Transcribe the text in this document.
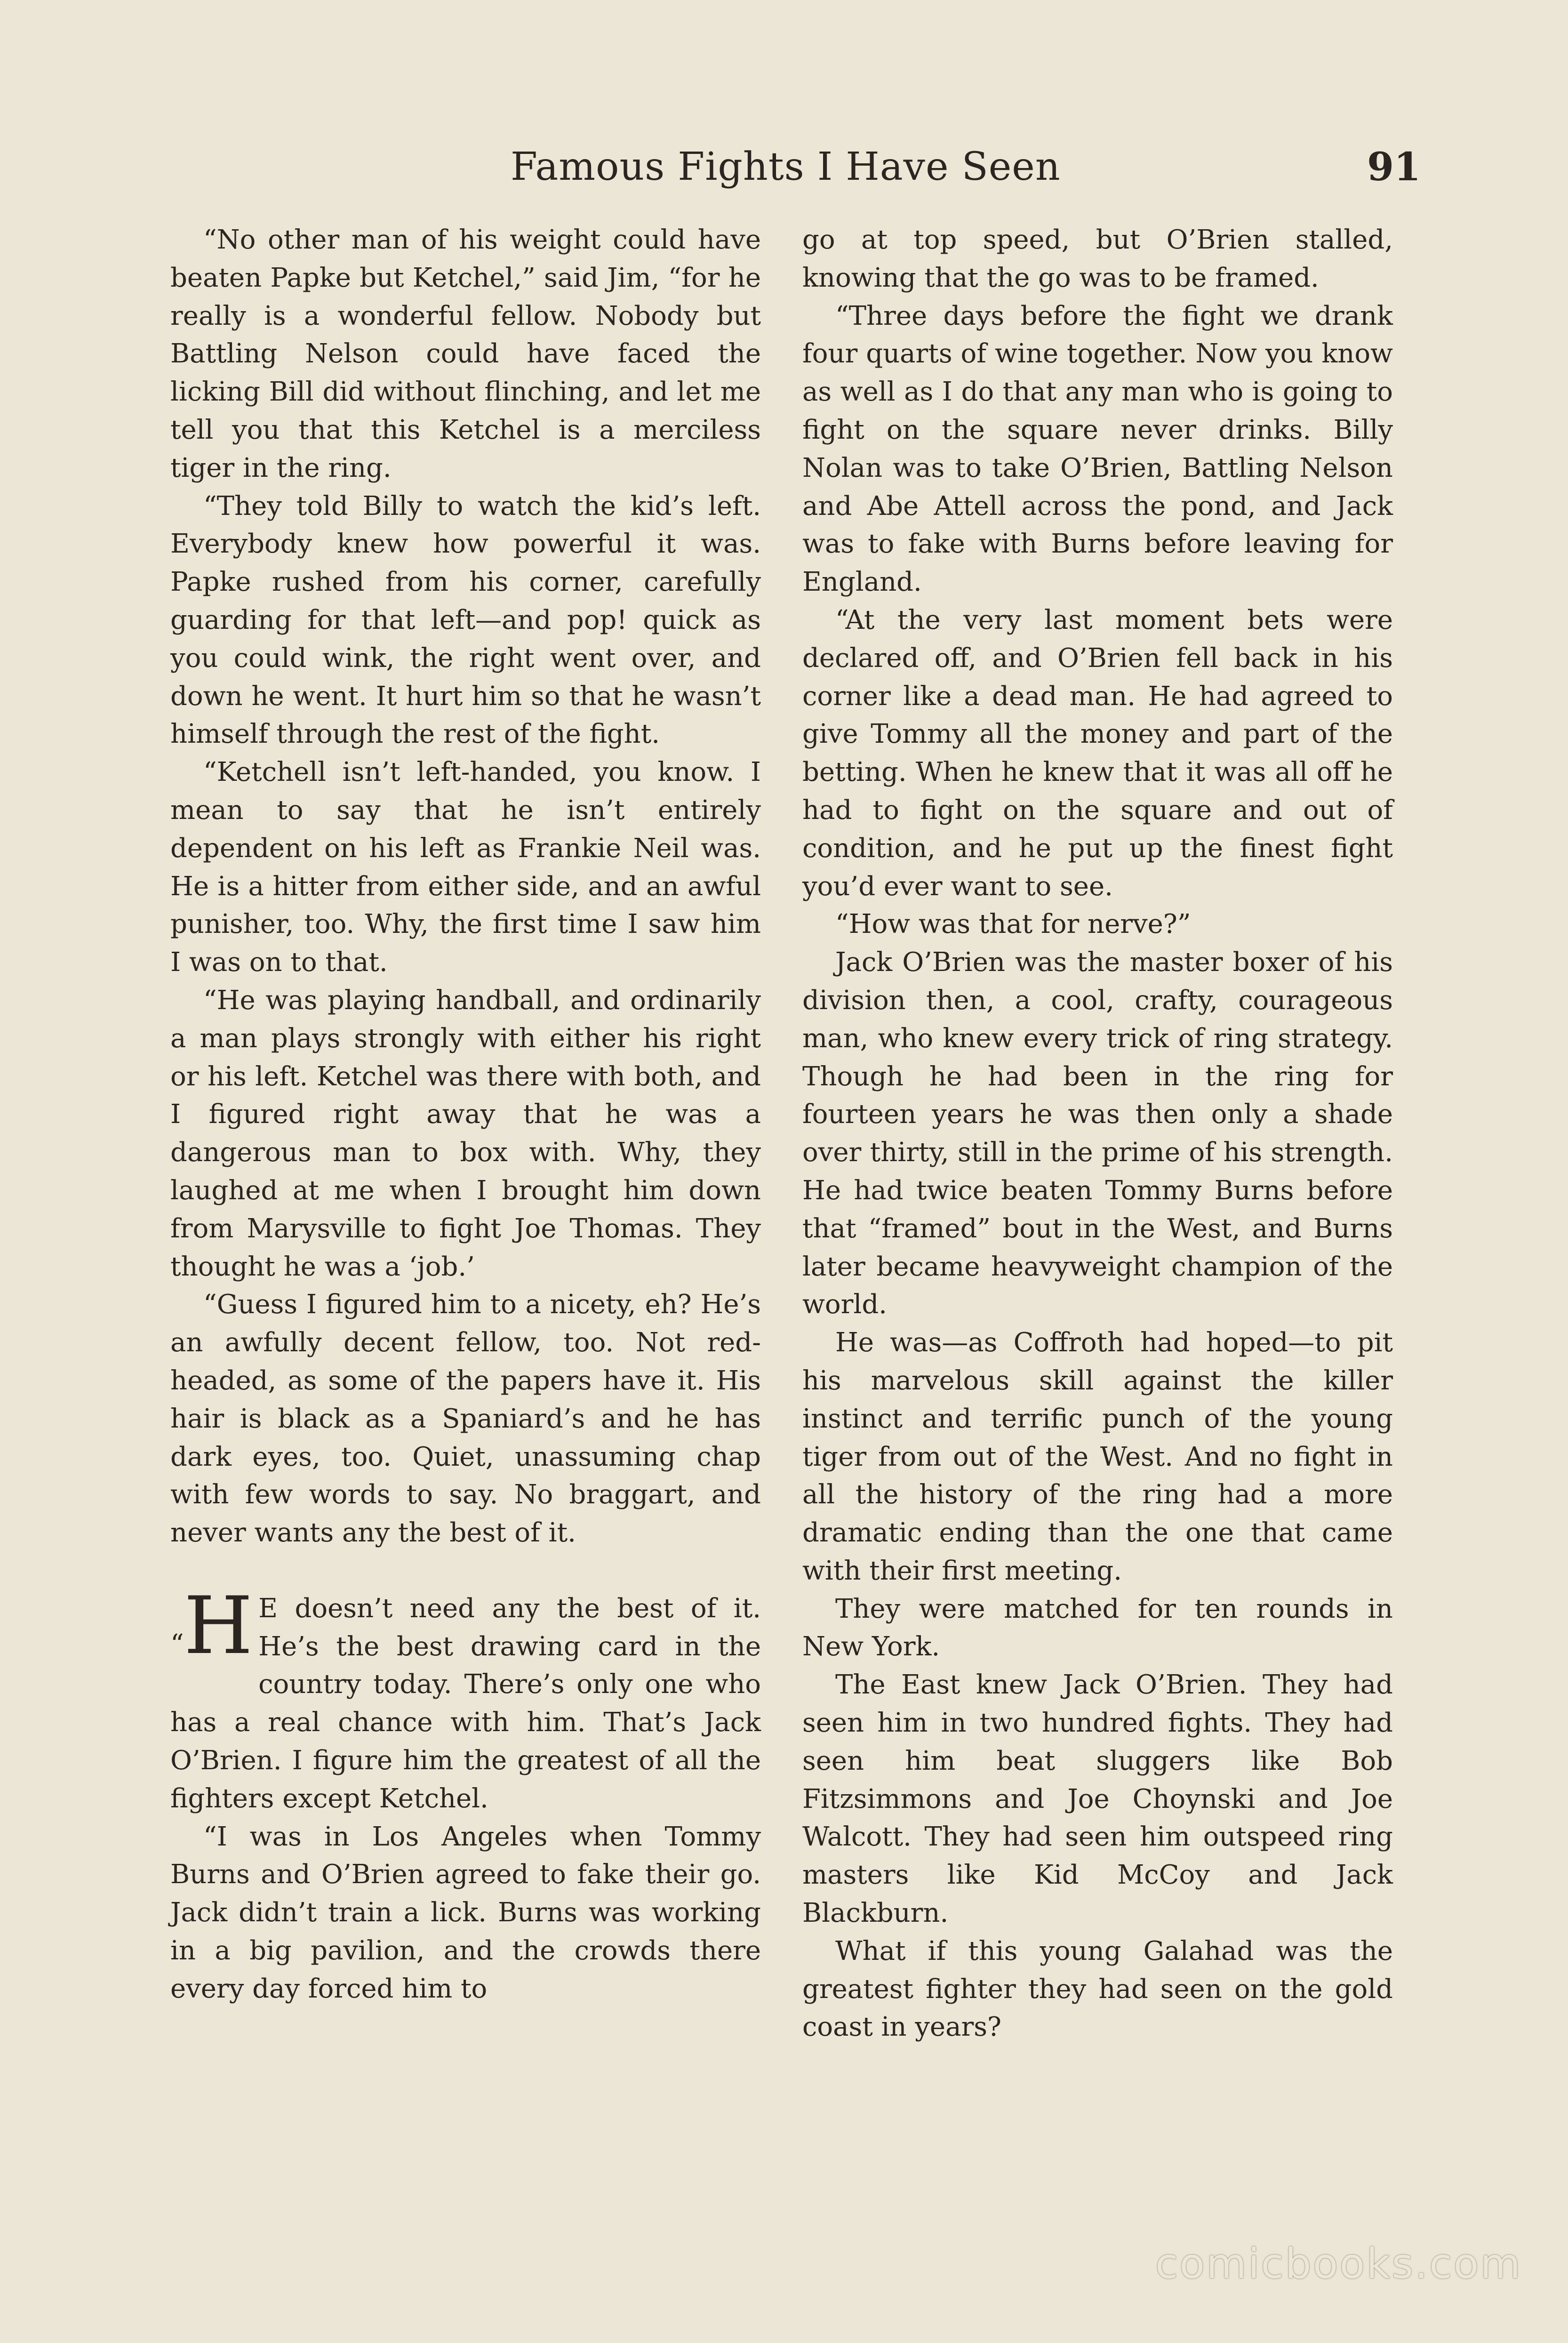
Famous Fights I Have Seen	91

“No other man of his weight could have beaten Papke but Ketchel,” said Jim, “for he really is a wonderful fellow. Nobody but Battling Nelson could have faced the licking Bill did without flinching, and let me tell you that this Ketchel is a merciless tiger in the ring.

“They told Billy to watch the kid’s left. Everybody knew how powerful it was. Papke rushed from his corner, carefully guarding for that left—and pop! quick as you could wink, the right went over, and down he went. It hurt him so that he wasn’t himself through the rest of the fight.

“Ketchell isn’t left-handed, you know. I mean to say that he isn’t entirely dependent on his left as Frankie Neil was. He is a hitter from either side, and an awful punisher, too. Why, the first time I saw him I was on to that.

“He was playing handball, and ordinarily a man plays strongly with either his right or his left. Ketchel was there with both, and I figured right away that he was a dangerous man to box with. Why, they laughed at me when I brought him down from Marysville to fight Joe Thomas. They thought he was a ‘job.’

“Guess I figured him to a nicety, eh? He’s an awfully decent fellow, too. Not red-headed, as some of the papers have it. His hair is black as a Spaniard’s and he has dark eyes, too. Quiet, unassuming chap with few words to say. No braggart, and never wants any the best of it.

“H E doesn’t need any the best of it. He’s the best drawing card in the country today. There’s only one who has a real chance with him. That’s Jack O’Brien. I figure him the greatest of all the fighters except Ketchel.

“I was in Los Angeles when Tommy Burns and O’Brien agreed to fake their go. Jack didn’t train a lick. Burns was working in a big pavilion, and the crowds there every day forced him to

go at top speed, but O’Brien stalled, knowing that the go was to be framed.

“Three days before the fight we drank four quarts of wine together. Now you know as well as I do that any man who is going to fight on the square never drinks. Billy Nolan was to take O’Brien, Battling Nelson and Abe Attell across the pond, and Jack was to fake with Burns before leaving for England.

“At the very last moment bets were declared off, and O’Brien fell back in his corner like a dead man. He had agreed to give Tommy all the money and part of the betting. When he knew that it was all off he had to fight on the square and out of condition, and he put up the finest fight you’d ever want to see.

“How was that for nerve?”

Jack O’Brien was the master boxer of his division then, a cool, crafty, courageous man, who knew every trick of ring strategy. Though he had been in the ring for fourteen years he was then only a shade over thirty, still in the prime of his strength. He had twice beaten Tommy Burns before that “framed” bout in the West, and Burns later became heavyweight champion of the world.

He was—as Coffroth had hoped—to pit his marvelous skill against the killer instinct and terrific punch of the young tiger from out of the West. And no fight in all the history of the ring had a more dramatic ending than the one that came with their first meeting.

They were matched for ten rounds in New York.

The East knew Jack O’Brien. They had seen him in two hundred fights. They had seen him beat sluggers like Bob Fitzsimmons and Joe Choynski and Joe Walcott. They had seen him outspeed ring masters like Kid McCoy and Jack Blackburn.

What if this young Galahad was the greatest fighter they had seen on the gold coast in years?

comicbooks.com
